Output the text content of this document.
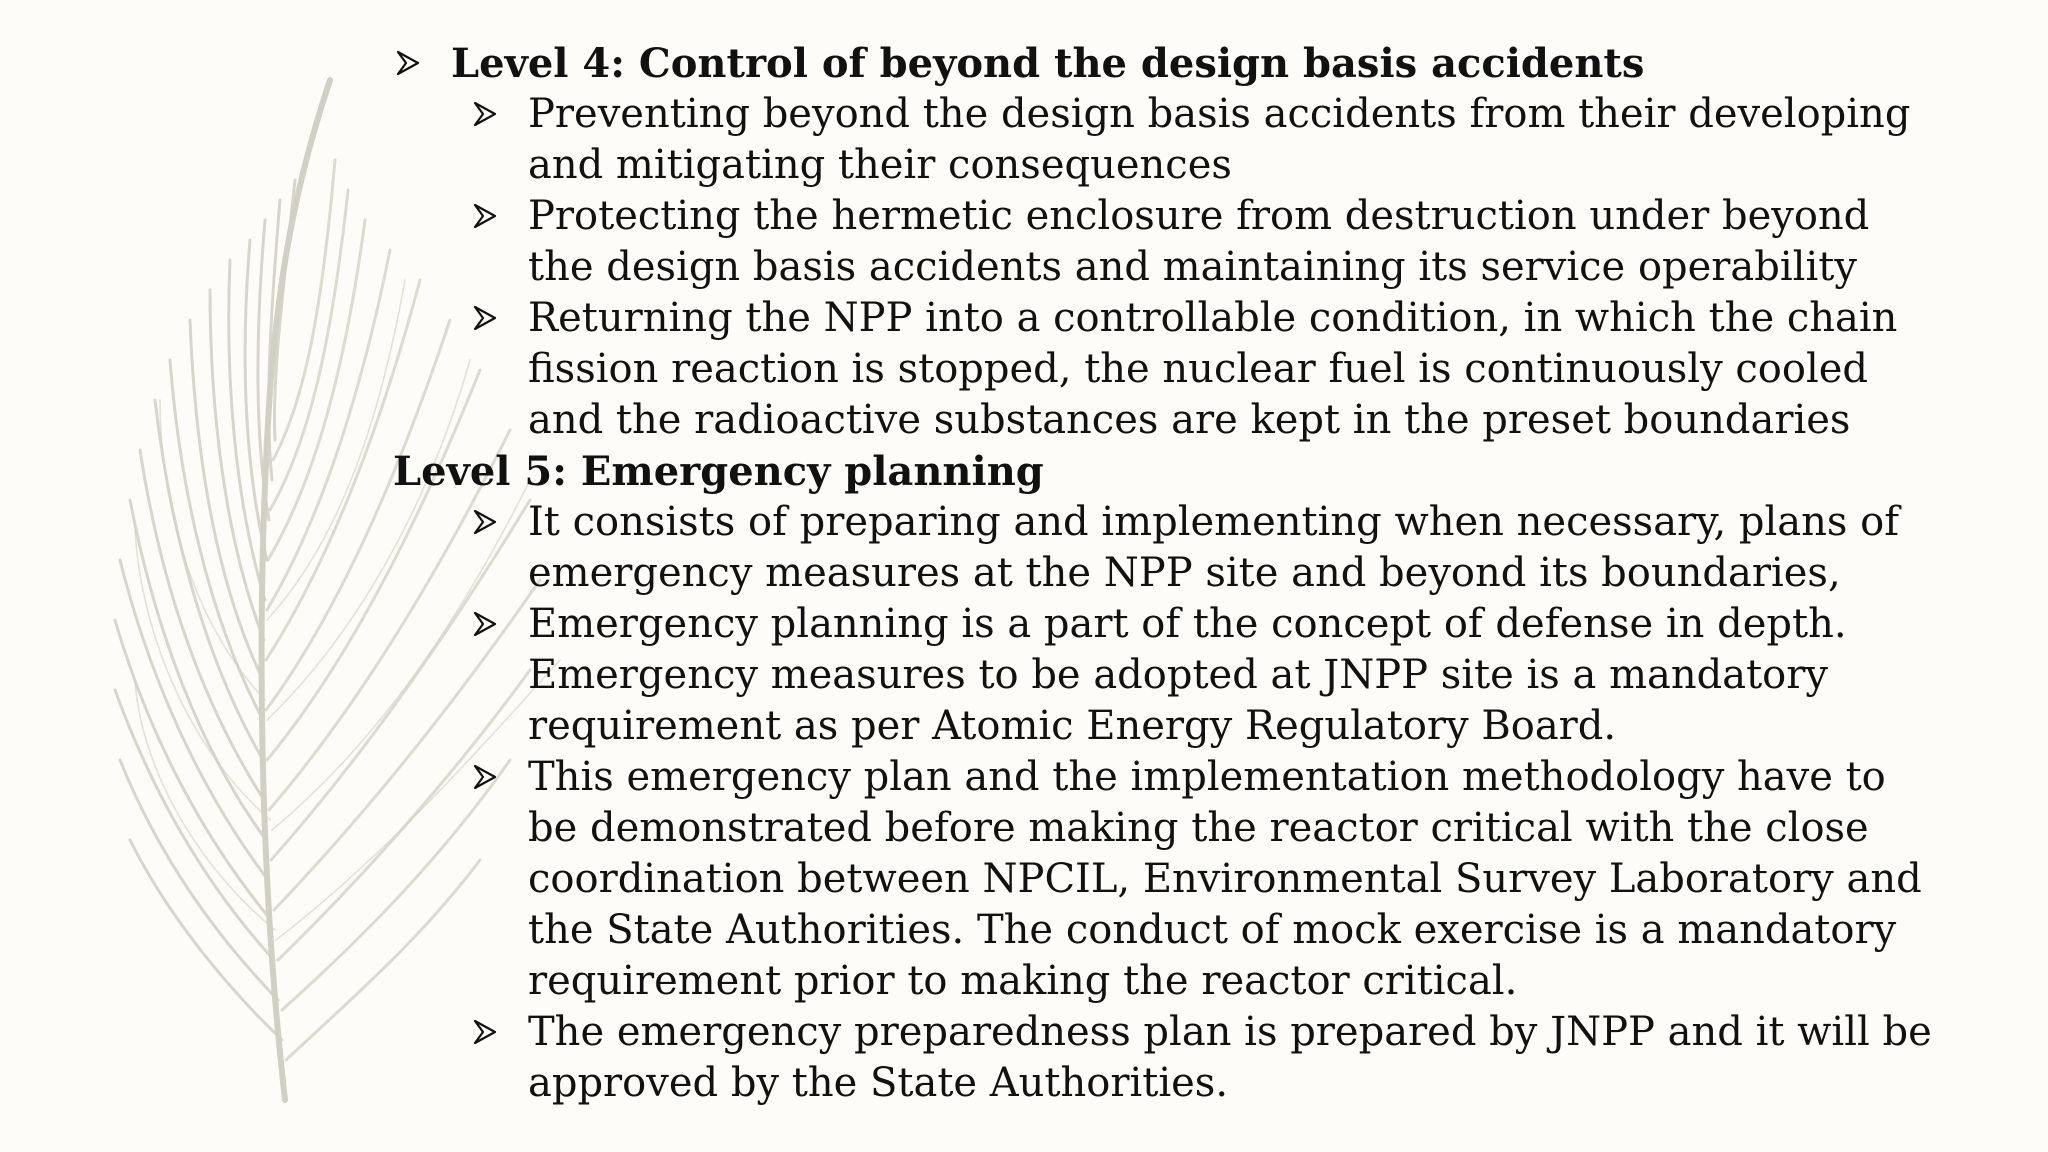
Level 4: Control of beyond the design basis accidents
Preventing beyond the design basis accidents from their developing and mitigating their consequences
Protecting the hermetic enclosure from destruction under beyond the design basis accidents and maintaining its service operability
Returning the NPP into a controllable condition, in which the chain fission reaction is stopped, the nuclear fuel is continuously cooled and the radioactive substances are kept in the preset boundaries
Level 5: Emergency planning
It consists of preparing and implementing when necessary, plans of emergency measures at the NPP site and beyond its boundaries,
Emergency planning is a part of the concept of defense in depth. Emergency measures to be adopted at JNPP site is a mandatory requirement as per Atomic Energy Regulatory Board.
This emergency plan and the implementation methodology have to be demonstrated before making the reactor critical with the close coordination between NPCIL, Environmental Survey Laboratory and the State Authorities. The conduct of mock exercise is a mandatory requirement prior to making the reactor critical.
The emergency preparedness plan is prepared by JNPP and it will be approved by the State Authorities.
